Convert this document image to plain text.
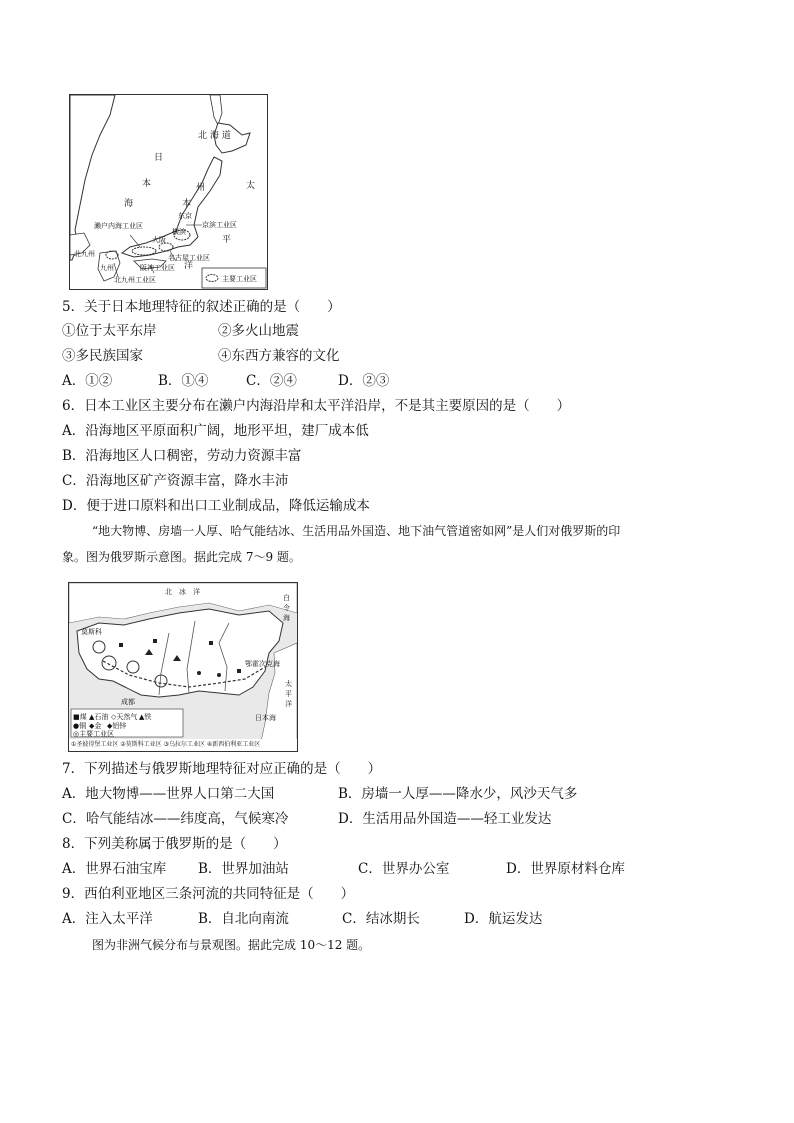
北 海 道
日
本
海	本
州	太
平
洋
东京
横滨
大阪
京滨工业区
濑户内海工业区
名古屋工业区
阪神工业区
北九州
九州
北九州工业区	主要工业区
5．关于日本地理特征的叙述正确的是（　　）
①位于太平东岸	②多火山地震
③多民族国家	④东西方兼容的文化
A．①②	B．①④	C．②④	D．②③
6．日本工业区主要分布在濑户内海沿岸和太平洋沿岸，不是其主要原因的是（　　）
A．沿海地区平原面积广阔，地形平坦，建厂成本低
B．沿海地区人口稠密，劳动力资源丰富
C．沿海地区矿产资源丰富，降水丰沛
D．便于进口原料和出口工业制成品，降低运输成本
“地大物博、房墙一人厚、哈气能结冰、生活用品外国造、地下油气管道密如网”是人们对俄罗斯的印
象。图为俄罗斯示意图。据此完成 7～9 题。
北　冰　洋
莫斯科
成都
鄂霍次克海
日本海
白
令
海
太
平
洋
■煤 ▲石油 ◇天然气 ▲铁
●铜 ◆金 ◆铝锌
◎主要工业区
①圣彼得堡工业区 ②莫斯科工业区 ③乌拉尔工业区 ④新西伯利亚工业区
7．下列描述与俄罗斯地理特征对应正确的是（　　）
A．地大物博——世界人口第二大国	B．房墙一人厚——降水少，风沙天气多
C．哈气能结冰——纬度高，气候寒冷	D．生活用品外国造——轻工业发达
8．下列美称属于俄罗斯的是（　　）
A．世界石油宝库 B．世界加油站	C．世界办公室	D．世界原材料仓库
9．西伯利亚地区三条河流的共同特征是（　　）
A．注入太平洋	B．自北向南流	C．结冰期长	D．航运发达
图为非洲气候分布与景观图。据此完成 10～12 题。
